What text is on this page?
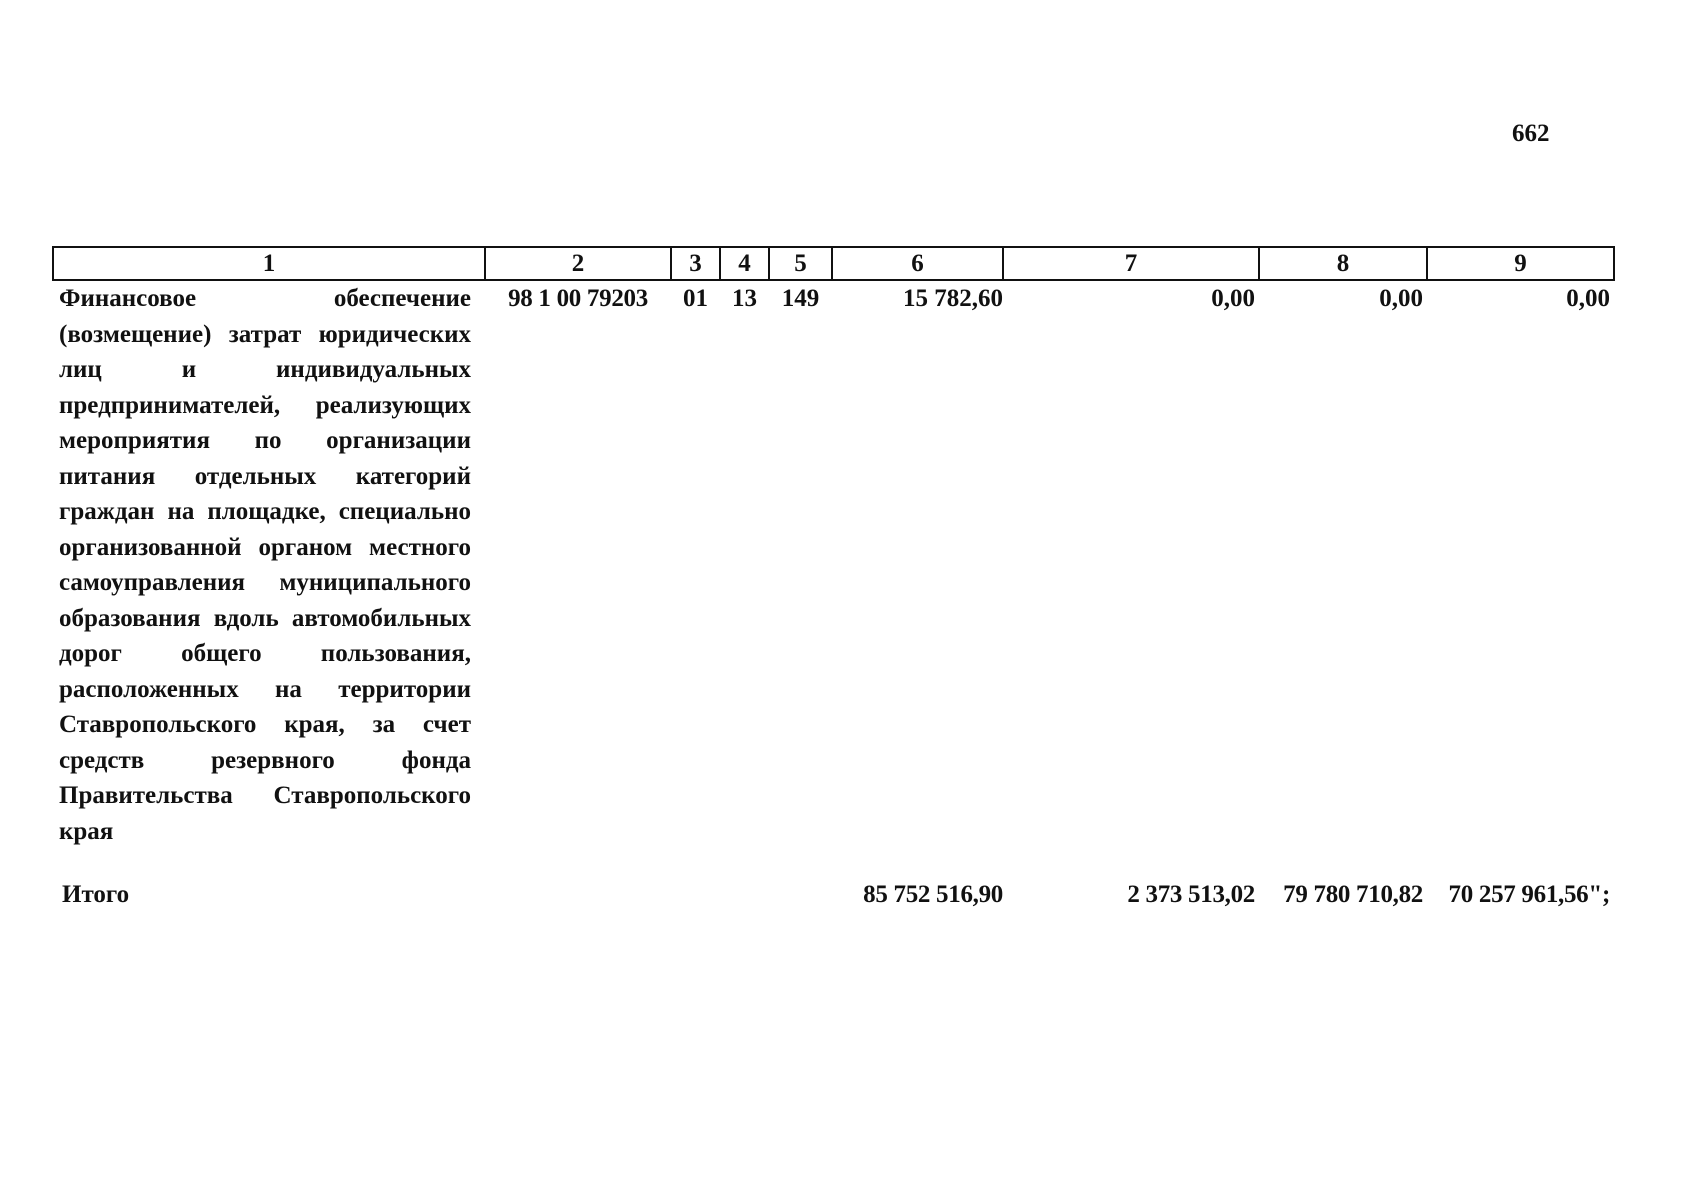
662
1	2	3	4	5	6	7	8	9
Финансовое обеспечение (возмещение) затрат юридических лиц и индивидуальных предпринимателей, реализующих мероприятия по организации питания отдельных категорий граждан на площадке, специально организованной органом местного самоуправления муниципального образования вдоль автомобильных дорог общего пользования, расположенных на территории Ставропольского края, за счет средств резервного фонда Правительства Ставропольского края	98 1 00 79203	01	13	149	15 782,60	0,00	0,00	0,00

Итого					85 752 516,90	2 373 513,02	79 780 710,82	70 257 961,56";
